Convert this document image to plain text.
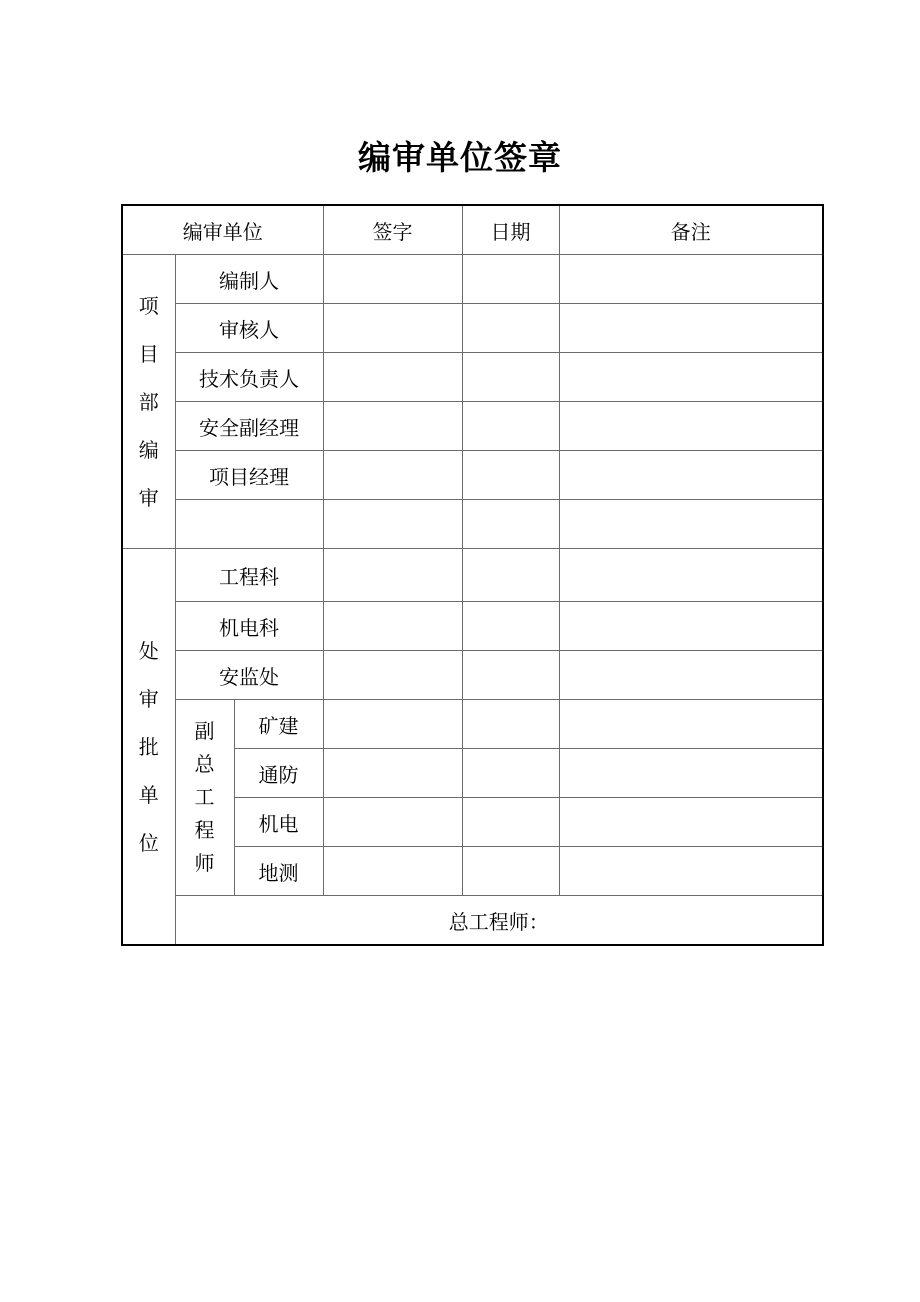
编审单位签章
编审单位			签字	日期	备注

项
目
部
编
审	编制人				
	审核人				
	技术负责人				
	安全副经理				
	项目经理				

处
审
批
单
位	工程科				
	机电科				
	安监处				

	副
总
工
程
师	矿建			
		通防			
		机电			
		地测			
	总工程师：				
